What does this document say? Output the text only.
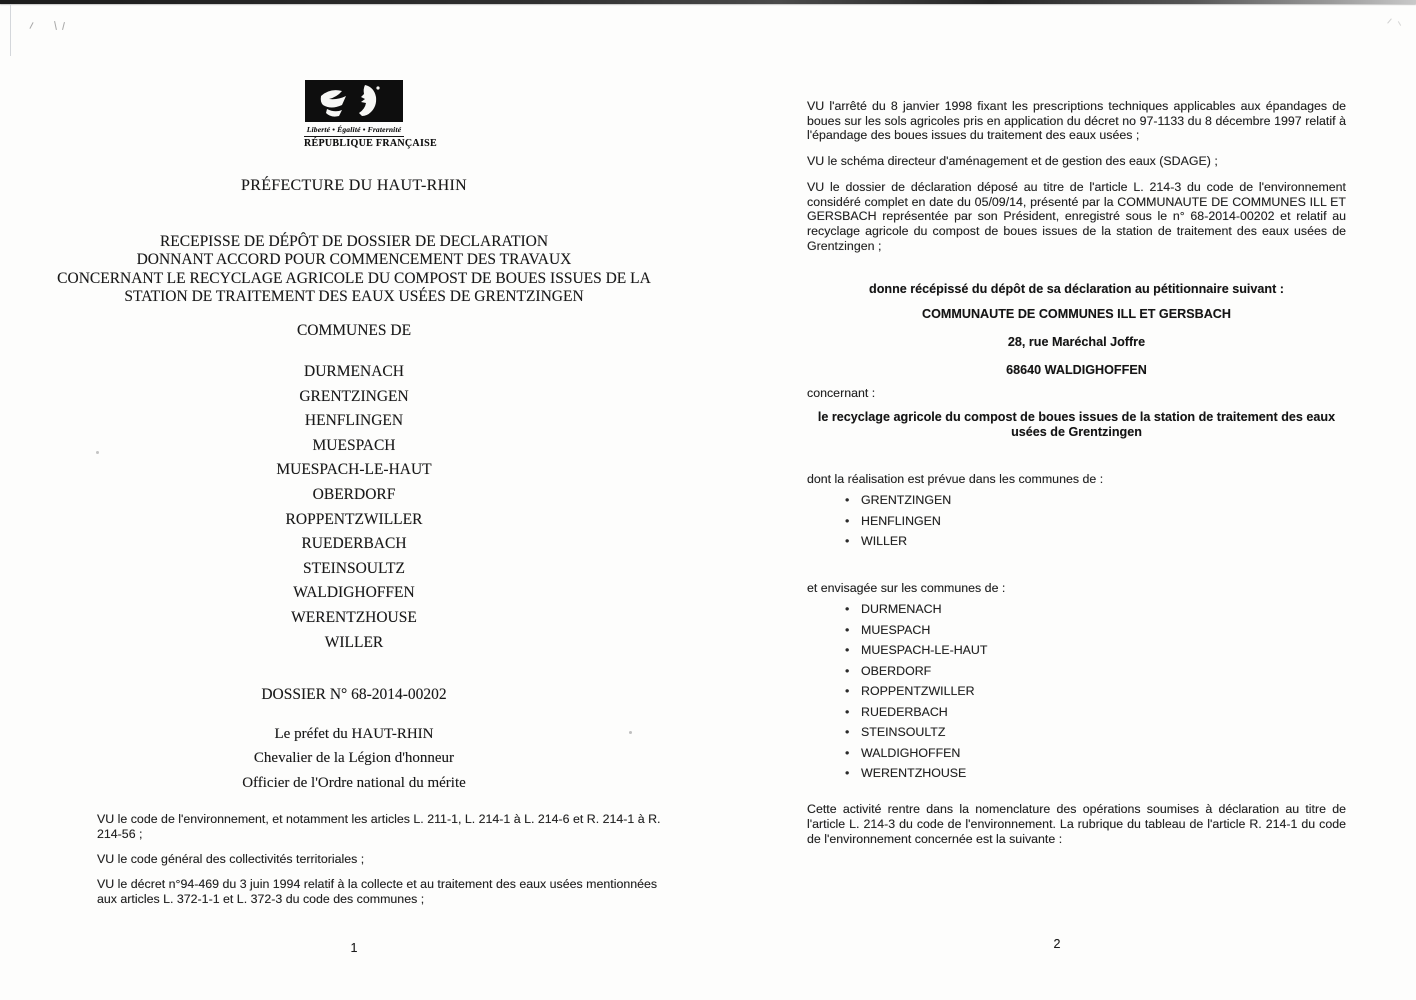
Liberté • Égalité • Fraternité
RÉPUBLIQUE FRANÇAISE
PRÉFECTURE DU HAUT-RHIN
RECEPISSE DE DÉPÔT DE DOSSIER DE DECLARATION
DONNANT ACCORD POUR COMMENCEMENT DES TRAVAUX
CONCERNANT LE RECYCLAGE AGRICOLE DU COMPOST DE BOUES ISSUES DE LA
STATION DE TRAITEMENT DES EAUX USÉES DE GRENTZINGEN
COMMUNES DE
DURMENACH
GRENTZINGEN
HENFLINGEN
MUESPACH
MUESPACH-LE-HAUT
OBERDORF
ROPPENTZWILLER
RUEDERBACH
STEINSOULTZ
WALDIGHOFFEN
WERENTZHOUSE
WILLER
DOSSIER N° 68-2014-00202
Le préfet du HAUT-RHIN
Chevalier de la Légion d'honneur
Officier de l'Ordre national du mérite

VU le code de l'environnement, et notamment les articles L. 211-1, L. 214-1 à L. 214-6 et R. 214-1 à R. 214-56 ;

VU le code général des collectivités territoriales ;

VU le décret n°94-469 du 3 juin 1994 relatif à la collecte et au traitement des eaux usées mentionnées aux articles L. 372-1-1 et L. 372-3 du code des communes ;

1

VU l'arrêté du 8 janvier 1998 fixant les prescriptions techniques applicables aux épandages de boues sur les sols agricoles pris en application du décret no 97-1133 du 8 décembre 1997 relatif à l'épandage des boues issues du traitement des eaux usées ;

VU le schéma directeur d'aménagement et de gestion des eaux (SDAGE) ;

VU le dossier de déclaration déposé au titre de l'article L. 214-3 du code de l'environnement considéré complet en date du 05/09/14, présenté par la COMMUNAUTE DE COMMUNES ILL ET GERSBACH représentée par son Président, enregistré sous le n° 68-2014-00202 et relatif au recyclage agricole du compost de boues issues de la station de traitement des eaux usées de Grentzingen ;

donne récépissé du dépôt de sa déclaration au pétitionnaire suivant :
COMMUNAUTE DE COMMUNES ILL ET GERSBACH
28, rue Maréchal Joffre
68640 WALDIGHOFFEN
concernant :
le recyclage agricole du compost de boues issues de la station de traitement des eaux usées de Grentzingen
dont la réalisation est prévue dans les communes de :
• GRENTZINGEN
• HENFLINGEN
• WILLER
et envisagée sur les communes de :
• DURMENACH
• MUESPACH
• MUESPACH-LE-HAUT
• OBERDORF
• ROPPENTZWILLER
• RUEDERBACH
• STEINSOULTZ
• WALDIGHOFFEN
• WERENTZHOUSE
Cette activité rentre dans la nomenclature des opérations soumises à déclaration au titre de l'article L. 214-3 du code de l'environnement. La rubrique du tableau de l'article R. 214-1 du code de l'environnement concernée est la suivante :
2
